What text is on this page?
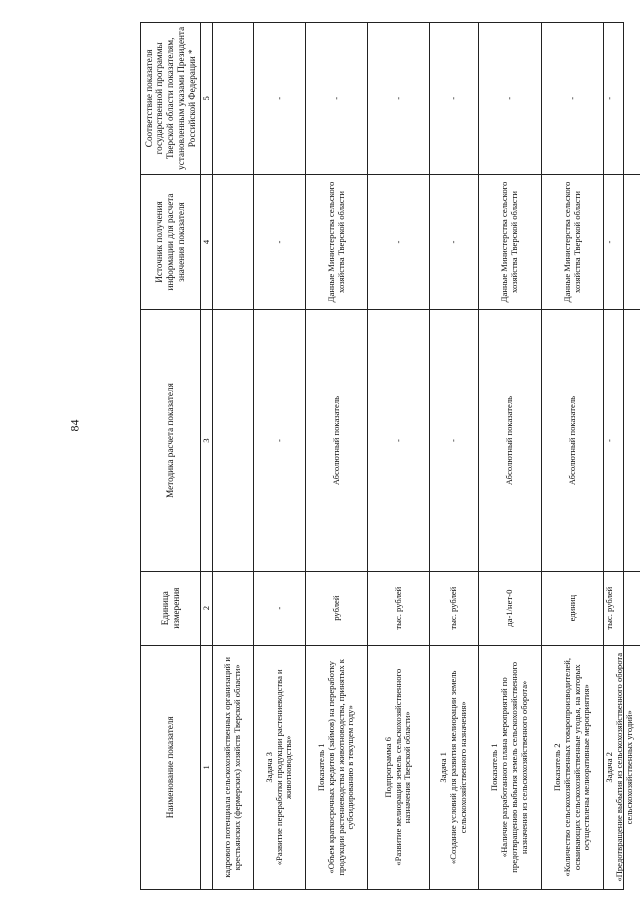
84
Наименование показателя
Единица измерения
Методика расчета показателя
Источник получения информации для расчета значения показателя
Соответствие показателя государственной программы Тверской области показателям, установленным указами Президента Российской Федерации *
1
2
3
4
5
кадрового потенциала сельскохозяйственных организаций и крестьянских (фермерских) хозяйств Тверской области»	Задача 3
«Развитие переработки продукции растениеводства и животноводства»
-
-
-
-
Показатель 1
«Объем краткосрочных кредитов (займов) на переработку продукции растениеводства и животноводства, принятых к субсидированию в текущем году»
рублей
Абсолютный показатель
Данные Министерства сельского хозяйства Тверской области
-
Подпрограмма 6
«Развитие мелиорации земель сельскохозяйственного назначения Тверской области»
тыс. рублей
-
-
-
Задача 1
«Создание условий для развития мелиорации земель сельскохозяйственного назначения»
тыс. рублей
-
-
-
Показатель 1
«Наличие разработанного плана мероприятий по предотвращению выбытия земель сельскохозяйственного назначения из сельскохозяйственного оборота»
да-1/нет-0
Абсолютный показатель
Данные Министерства сельского хозяйства Тверской области
-
Показатель 2
«Количество сельскохозяйственных товаропроизводителей, осваивающих сельскохозяйственные угодья, на которых осуществлены мелиоративные мероприятия»
единиц
Абсолютный показатель
Данные Министерства сельского хозяйства Тверской области
-
Задача 2
«Предотвращение выбытия из сельскохозяйственного оборота сельскохозяйственных угодий»
тыс. рублей
-
-
-
